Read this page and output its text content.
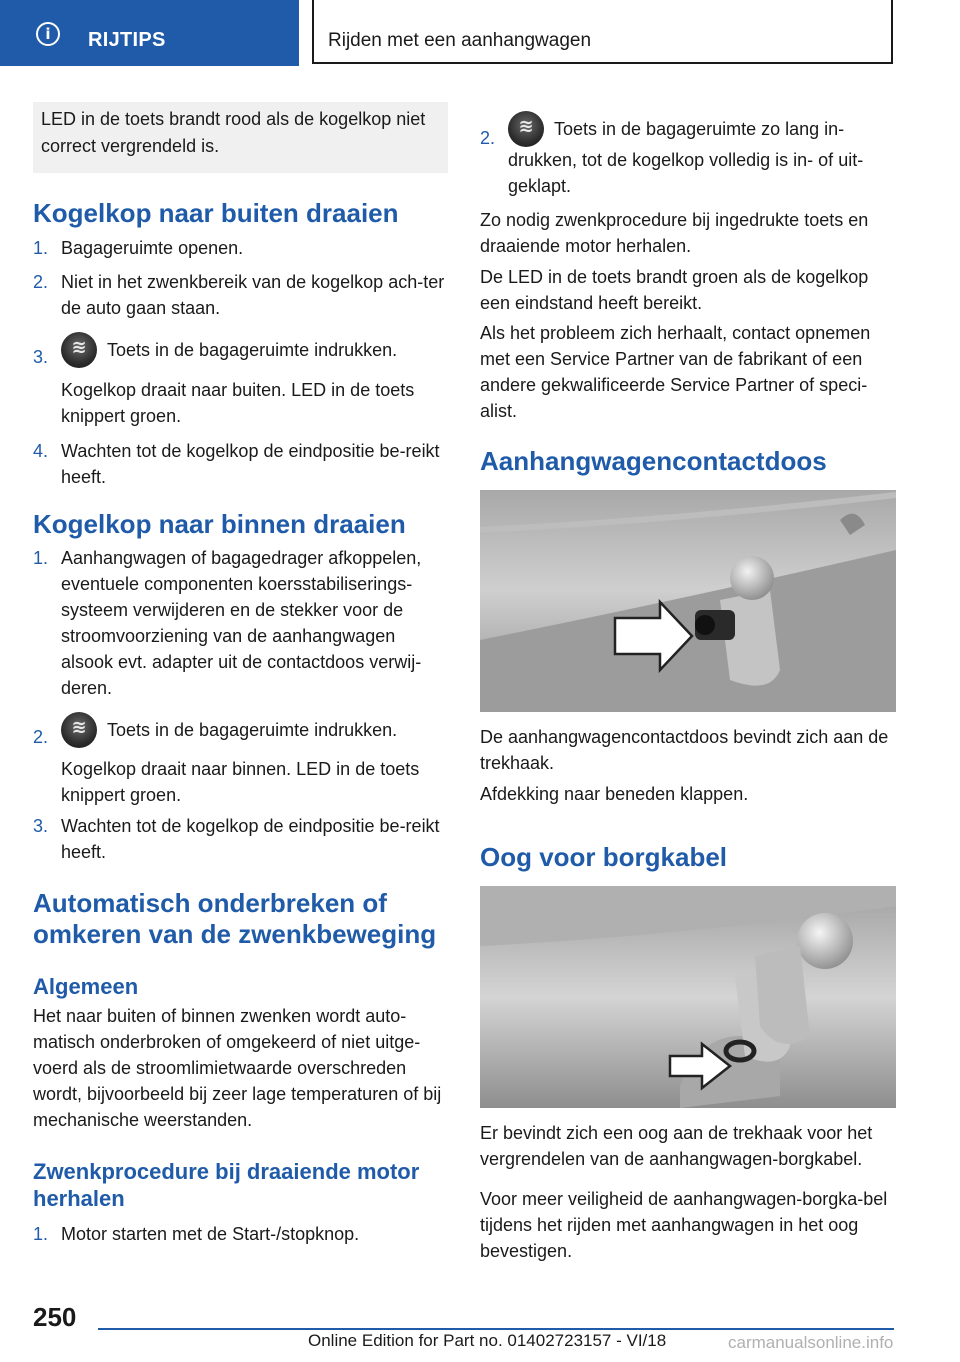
i	RIJTIPS	Rijden met een aanhangwagen
LED in de toets brandt rood als de kogelkop niet correct vergrendeld is.
Kogelkop naar buiten draaien
1. Bagageruimte openen.
2. Niet in het zwenkbereik van de kogelkop ach-ter de auto gaan staan.
3. ≋	Toets in de bagageruimte indrukken.
Kogelkop draait naar buiten. LED in de toets knippert groen.
4. Wachten tot de kogelkop de eindpositie be-reikt heeft.
Kogelkop naar binnen draaien
1. Aanhangwagen of bagagedrager afkoppelen, eventuele componenten koersstabiliserings-systeem verwijderen en de stekker voor de stroomvoorziening van de aanhangwagen alsook evt. adapter uit de contactdoos verwij-deren.
2. ≋	Toets in de bagageruimte indrukken.
Kogelkop draait naar binnen. LED in de toets knippert groen.
3. Wachten tot de kogelkop de eindpositie be-reikt heeft.
Automatisch onderbreken of omkeren van de zwenkbeweging
Algemeen
Het naar buiten of binnen zwenken wordt auto-matisch onderbroken of omgekeerd of niet uitge-voerd als de stroomlimietwaarde overschreden wordt, bijvoorbeeld bij zeer lage temperaturen of bij mechanische weerstanden.
Zwenkprocedure bij draaiende motor herhalen
1. Motor starten met de Start-/stopknop.
2. ≋	Toets in de bagageruimte zo lang in-drukken, tot de kogelkop volledig is in- of uit-geklapt.
Zo nodig zwenkprocedure bij ingedrukte toets en draaiende motor herhalen.
De LED in de toets brandt groen als de kogelkop een eindstand heeft bereikt.
Als het probleem zich herhaalt, contact opnemen met een Service Partner van de fabrikant of een andere gekwalificeerde Service Partner of speci-alist.
Aanhangwagencontactdoos
De aanhangwagencontactdoos bevindt zich aan de trekhaak.
Afdekking naar beneden klappen.
Oog voor borgkabel
Er bevindt zich een oog aan de trekhaak voor het vergrendelen van de aanhangwagen-borgkabel.
Voor meer veiligheid de aanhangwagen-borgka-bel tijdens het rijden met aanhangwagen in het oog bevestigen.
250
Online Edition for Part no. 01402723157 - VI/18	carmanualsonline.info
